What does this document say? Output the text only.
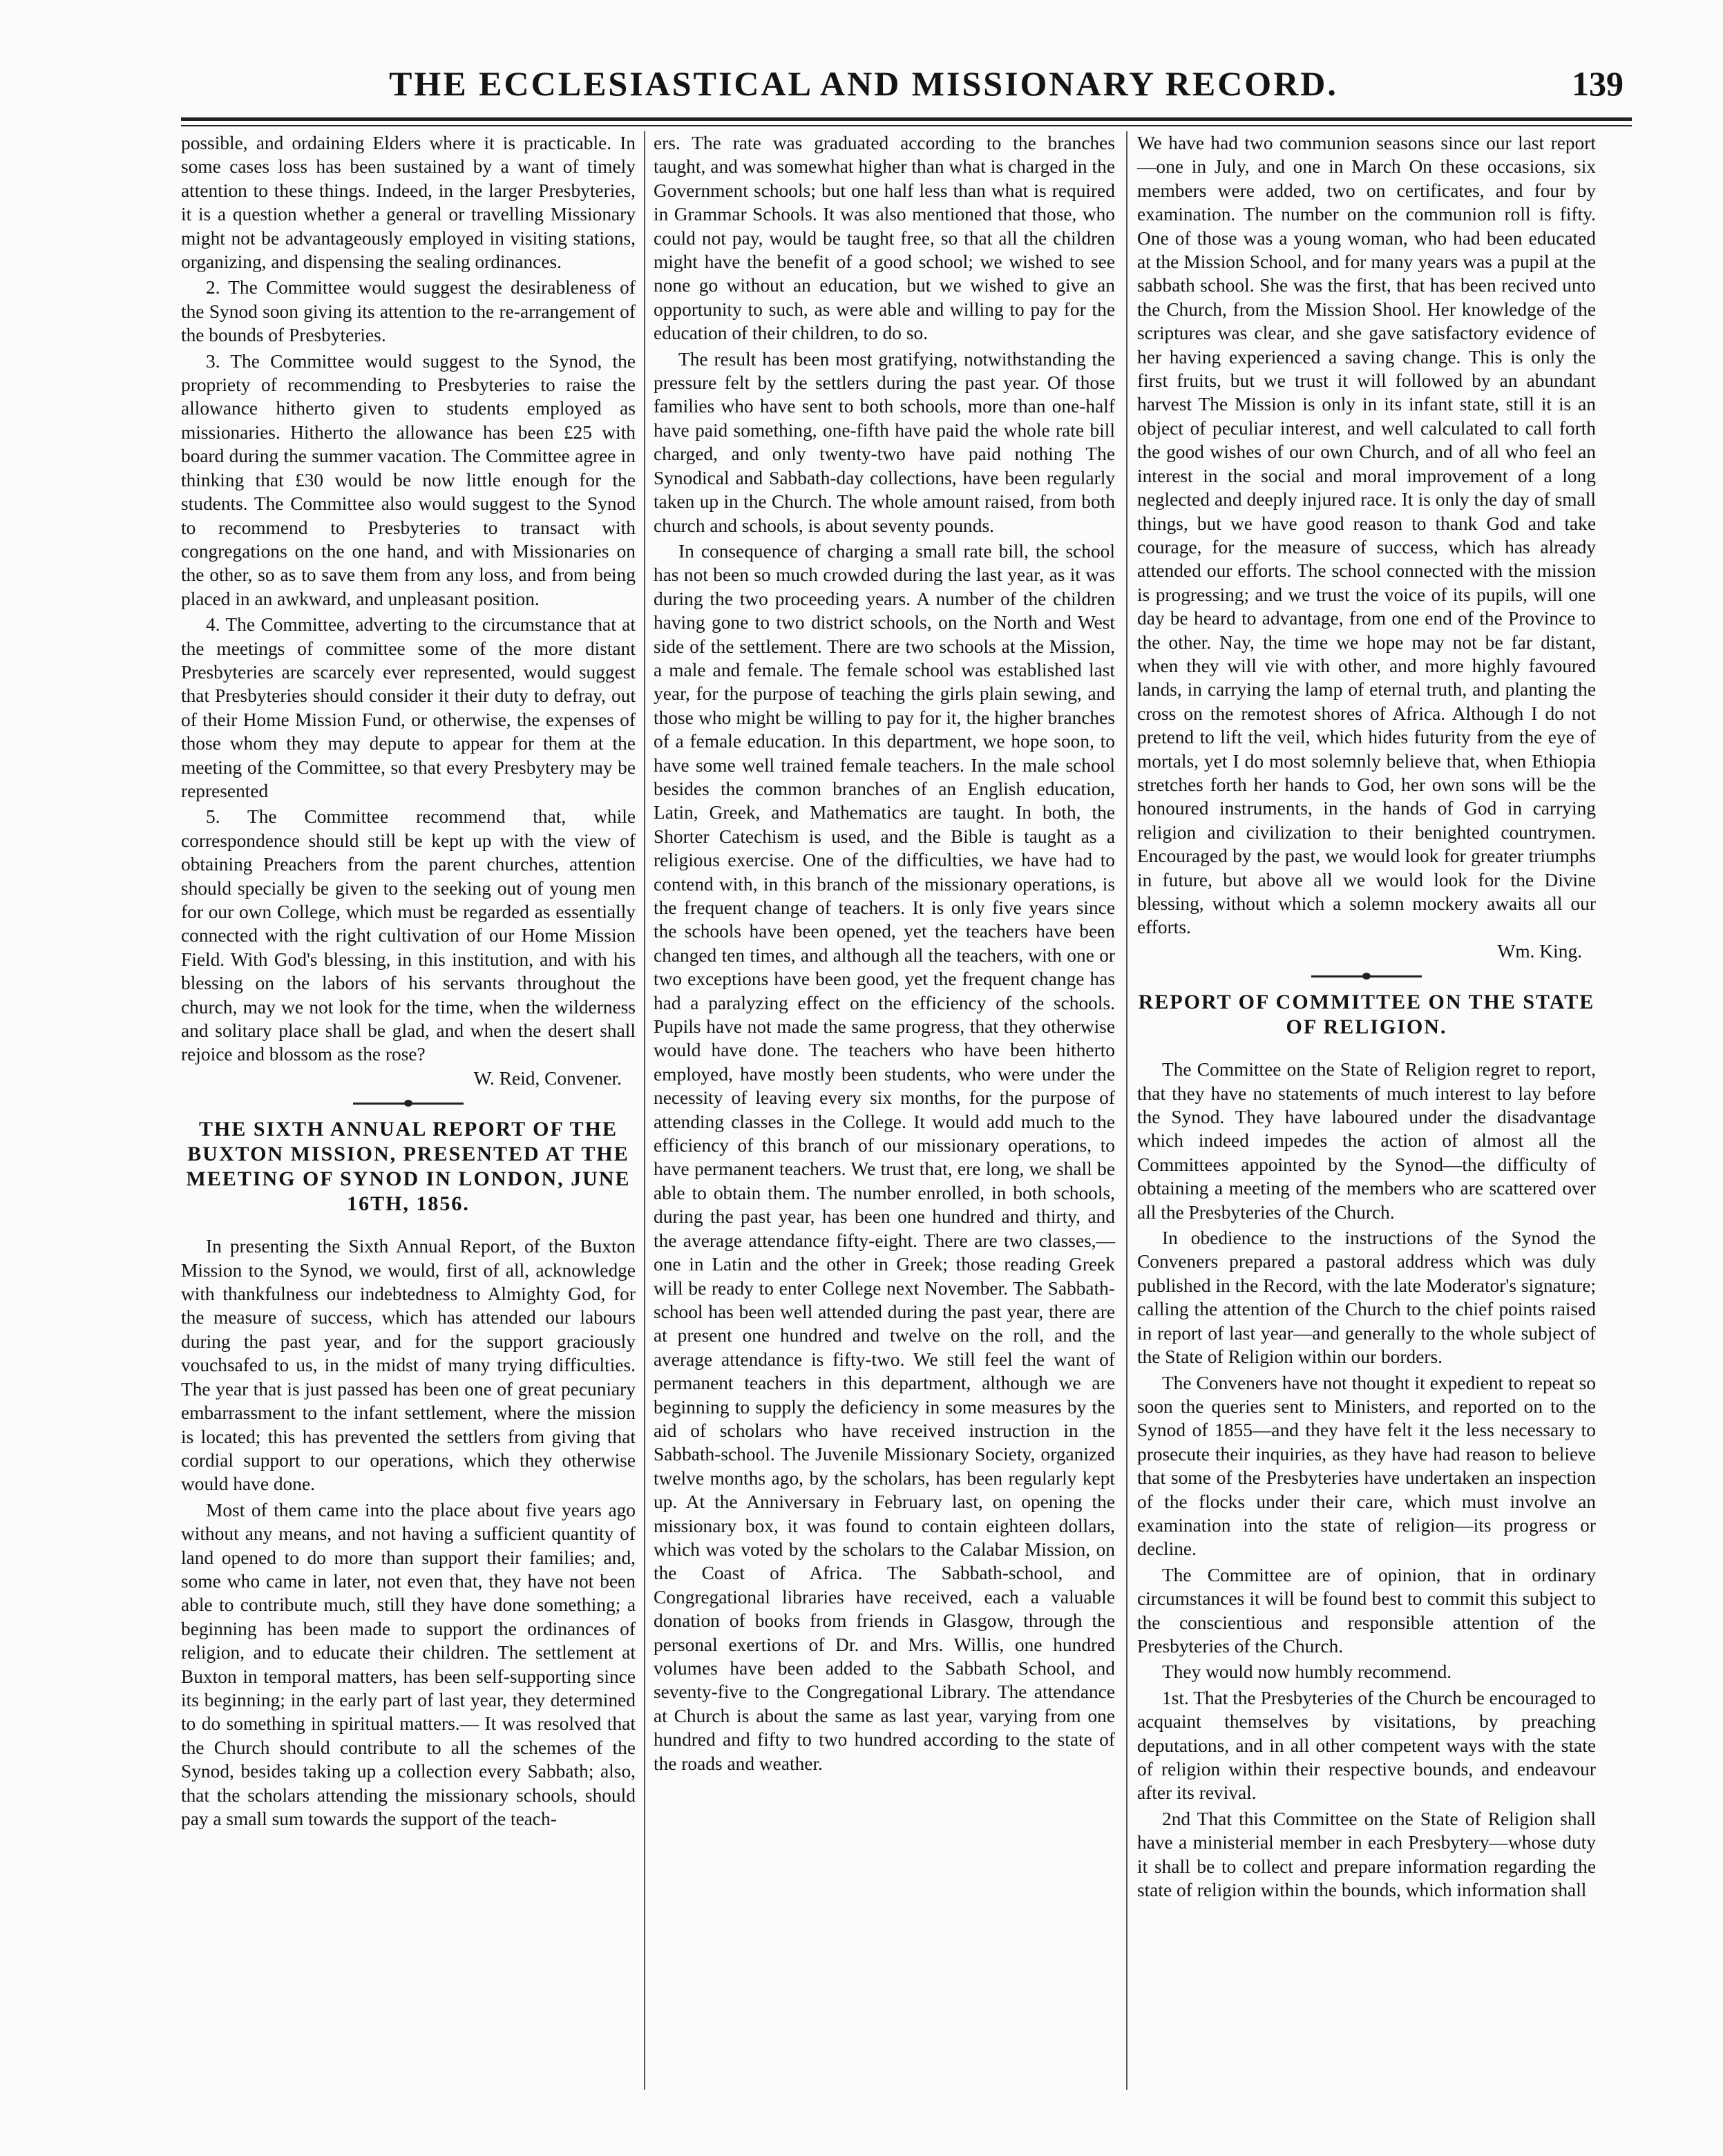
THE ECCLESIASTICAL AND MISSIONARY RECORD.	139

possible, and ordaining Elders where it is practicable. In some cases loss has been sustained by a want of timely attention to these things. Indeed, in the larger Presbyteries, it is a question whether a general or travelling Missionary might not be advantageously employed in visiting stations, organizing, and dispensing the sealing ordinances.

2. The Committee would suggest the desirableness of the Synod soon giving its attention to the re-arrangement of the bounds of Presbyteries.

3. The Committee would suggest to the Synod, the propriety of recommending to Presbyteries to raise the allowance hitherto given to students employed as missionaries. Hitherto the allowance has been £25 with board during the summer vacation. The Committee agree in thinking that £30 would be now little enough for the students. The Committee also would suggest to the Synod to recommend to Presbyteries to transact with congregations on the one hand, and with Missionaries on the other, so as to save them from any loss, and from being placed in an awkward, and unpleasant position.

4. The Committee, adverting to the circumstance that at the meetings of committee some of the more distant Presbyteries are scarcely ever represented, would suggest that Presbyteries should consider it their duty to defray, out of their Home Mission Fund, or otherwise, the expenses of those whom they may depute to appear for them at the meeting of the Committee, so that every Presbytery may be represented

5. The Committee recommend that, while correspondence should still be kept up with the view of obtaining Preachers from the parent churches, attention should specially be given to the seeking out of young men for our own College, which must be regarded as essentially connected with the right cultivation of our Home Mission Field. With God's blessing, in this institution, and with his blessing on the labors of his servants throughout the church, may we not look for the time, when the wilderness and solitary place shall be glad, and when the desert shall rejoice and blossom as the rose?

W. Reid, Convener.

THE SIXTH ANNUAL REPORT OF THE BUXTON MISSION, PRESENTED AT THE MEETING OF SYNOD IN LONDON, JUNE 16TH, 1856.

In presenting the Sixth Annual Report, of the Buxton Mission to the Synod, we would, first of all, acknowledge with thankfulness our indebtedness to Almighty God, for the measure of success, which has attended our labours during the past year, and for the support graciously vouchsafed to us, in the midst of many trying difficulties. The year that is just passed has been one of great pecuniary embarrassment to the infant settlement, where the mission is located; this has prevented the settlers from giving that cordial support to our operations, which they otherwise would have done.

Most of them came into the place about five years ago without any means, and not having a sufficient quantity of land opened to do more than support their families; and, some who came in later, not even that, they have not been able to contribute much, still they have done something; a beginning has been made to support the ordinances of religion, and to educate their children. The settlement at Buxton in temporal matters, has been self-supporting since its beginning; in the early part of last year, they determined to do something in spiritual matters.— It was resolved that the Church should contribute to all the schemes of the Synod, besides taking up a collection every Sabbath; also, that the scholars attending the missionary schools, should pay a small sum towards the support of the teach-

ers. The rate was graduated according to the branches taught, and was somewhat higher than what is charged in the Government schools; but one half less than what is required in Grammar Schools. It was also mentioned that those, who could not pay, would be taught free, so that all the children might have the benefit of a good school; we wished to see none go without an education, but we wished to give an opportunity to such, as were able and willing to pay for the education of their children, to do so.

The result has been most gratifying, notwithstanding the pressure felt by the settlers during the past year. Of those families who have sent to both schools, more than one-half have paid something, one-fifth have paid the whole rate bill charged, and only twenty-two have paid nothing The Synodical and Sabbath-day collections, have been regularly taken up in the Church. The whole amount raised, from both church and schools, is about seventy pounds.

In consequence of charging a small rate bill, the school has not been so much crowded during the last year, as it was during the two proceeding years. A number of the children having gone to two district schools, on the North and West side of the settlement. There are two schools at the Mission, a male and female. The female school was established last year, for the purpose of teaching the girls plain sewing, and those who might be willing to pay for it, the higher branches of a female education. In this department, we hope soon, to have some well trained female teachers. In the male school besides the common branches of an English education, Latin, Greek, and Mathematics are taught. In both, the Shorter Catechism is used, and the Bible is taught as a religious exercise. One of the difficulties, we have had to contend with, in this branch of the missionary operations, is the frequent change of teachers. It is only five years since the schools have been opened, yet the teachers have been changed ten times, and although all the teachers, with one or two exceptions have been good, yet the frequent change has had a paralyzing effect on the efficiency of the schools. Pupils have not made the same progress, that they otherwise would have done. The teachers who have been hitherto employed, have mostly been students, who were under the necessity of leaving every six months, for the purpose of attending classes in the College. It would add much to the efficiency of this branch of our missionary operations, to have permanent teachers. We trust that, ere long, we shall be able to obtain them. The number enrolled, in both schools, during the past year, has been one hundred and thirty, and the average attendance fifty-eight. There are two classes,—one in Latin and the other in Greek; those reading Greek will be ready to enter College next November. The Sabbath-school has been well attended during the past year, there are at present one hundred and twelve on the roll, and the average attendance is fifty-two. We still feel the want of permanent teachers in this department, although we are beginning to supply the deficiency in some measures by the aid of scholars who have received instruction in the Sabbath-school. The Juvenile Missionary Society, organized twelve months ago, by the scholars, has been regularly kept up. At the Anniversary in February last, on opening the missionary box, it was found to contain eighteen dollars, which was voted by the scholars to the Calabar Mission, on the Coast of Africa. The Sabbath-school, and Congregational libraries have received, each a valuable donation of books from friends in Glasgow, through the personal exertions of Dr. and Mrs. Willis, one hundred volumes have been added to the Sabbath School, and seventy-five to the Congregational Library. The attendance at Church is about the same as last year, varying from one hundred and fifty to two hundred according to the state of the roads and weather.

We have had two communion seasons since our last report—one in July, and one in March On these occasions, six members were added, two on certificates, and four by examination. The number on the communion roll is fifty. One of those was a young woman, who had been educated at the Mission School, and for many years was a pupil at the sabbath school. She was the first, that has been recived unto the Church, from the Mission Shool. Her knowledge of the scriptures was clear, and she gave satisfactory evidence of her having experienced a saving change. This is only the first fruits, but we trust it will followed by an abundant harvest The Mission is only in its infant state, still it is an object of peculiar interest, and well calculated to call forth the good wishes of our own Church, and of all who feel an interest in the social and moral improvement of a long neglected and deeply injured race. It is only the day of small things, but we have good reason to thank God and take courage, for the measure of success, which has already attended our efforts. The school connected with the mission is progressing; and we trust the voice of its pupils, will one day be heard to advantage, from one end of the Province to the other. Nay, the time we hope may not be far distant, when they will vie with other, and more highly favoured lands, in carrying the lamp of eternal truth, and planting the cross on the remotest shores of Africa. Although I do not pretend to lift the veil, which hides futurity from the eye of mortals, yet I do most solemnly believe that, when Ethiopia stretches forth her hands to God, her own sons will be the honoured instruments, in the hands of God in carrying religion and civilization to their benighted countrymen. Encouraged by the past, we would look for greater triumphs in future, but above all we would look for the Divine blessing, without which a solemn mockery awaits all our efforts.

Wm. King.

REPORT OF COMMITTEE ON THE STATE OF RELIGION.

The Committee on the State of Religion regret to report, that they have no statements of much interest to lay before the Synod. They have laboured under the disadvantage which indeed impedes the action of almost all the Committees appointed by the Synod—the difficulty of obtaining a meeting of the members who are scattered over all the Presbyteries of the Church.

In obedience to the instructions of the Synod the Conveners prepared a pastoral address which was duly published in the Record, with the late Moderator's signature; calling the attention of the Church to the chief points raised in report of last year—and generally to the whole subject of the State of Religion within our borders.

The Conveners have not thought it expedient to repeat so soon the queries sent to Ministers, and reported on to the Synod of 1855—and they have felt it the less necessary to prosecute their inquiries, as they have had reason to believe that some of the Presbyteries have undertaken an inspection of the flocks under their care, which must involve an examination into the state of religion—its progress or decline.

The Committee are of opinion, that in ordinary circumstances it will be found best to commit this subject to the conscientious and responsible attention of the Presbyteries of the Church.

They would now humbly recommend.

1st. That the Presbyteries of the Church be encouraged to acquaint themselves by visitations, by preaching deputations, and in all other competent ways with the state of religion within their respective bounds, and endeavour after its revival.

2nd That this Committee on the State of Religion shall have a ministerial member in each Presbytery—whose duty it shall be to collect and prepare information regarding the state of religion within the bounds, which information shall
